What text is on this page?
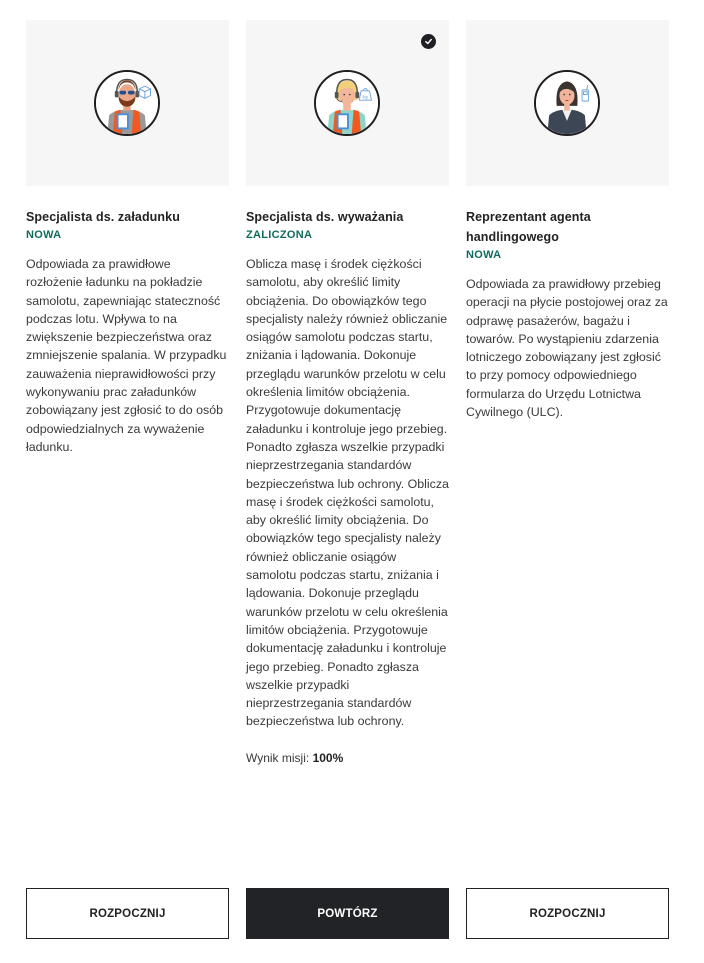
Specjalista ds. załadunku
NOWA
Odpowiada za prawidłowe rozłożenie ładunku na pokładzie samolotu, zapewniając stateczność podczas lotu. Wpływa to na zwiększenie bezpieczeństwa oraz zmniejszenie spalania. W przypadku zauważenia nieprawidłowości przy wykonywaniu prac załadunków zobowiązany jest zgłosić to do osób odpowiedzialnych za wyważenie ładunku.
kg
Specjalista ds. wyważania
ZALICZONA
Oblicza masę i środek ciężkości samolotu, aby określić limity obciążenia. Do obowiązków tego specjalisty należy również obliczanie osiągów samolotu podczas startu, zniżania i lądowania. Dokonuje przeglądu warunków przelotu w celu określenia limitów obciążenia. Przygotowuje dokumentację załadunku i kontroluje jego przebieg. Ponadto zgłasza wszelkie przypadki nieprzestrzegania standardów bezpieczeństwa lub ochrony. Oblicza masę i środek ciężkości samolotu, aby określić limity obciążenia. Do obowiązków tego specjalisty należy również obliczanie osiągów samolotu podczas startu, zniżania i lądowania. Dokonuje przeglądu warunków przelotu w celu określenia limitów obciążenia. Przygotowuje dokumentację załadunku i kontroluje jego przebieg. Ponadto zgłasza wszelkie przypadki nieprzestrzegania standardów bezpieczeństwa lub ochrony.
Wynik misji: 100%
Reprezentant agenta handlingowego
NOWA
Odpowiada za prawidłowy przebieg operacji na płycie postojowej oraz za odprawę pasażerów, bagażu i towarów. Po wystąpieniu zdarzenia lotniczego zobowiązany jest zgłosić to przy pomocy odpowiedniego formularza do Urzędu Lotnictwa Cywilnego (ULC).
ROZPOCZNIJ	POWTÓRZ	ROZPOCZNIJ
